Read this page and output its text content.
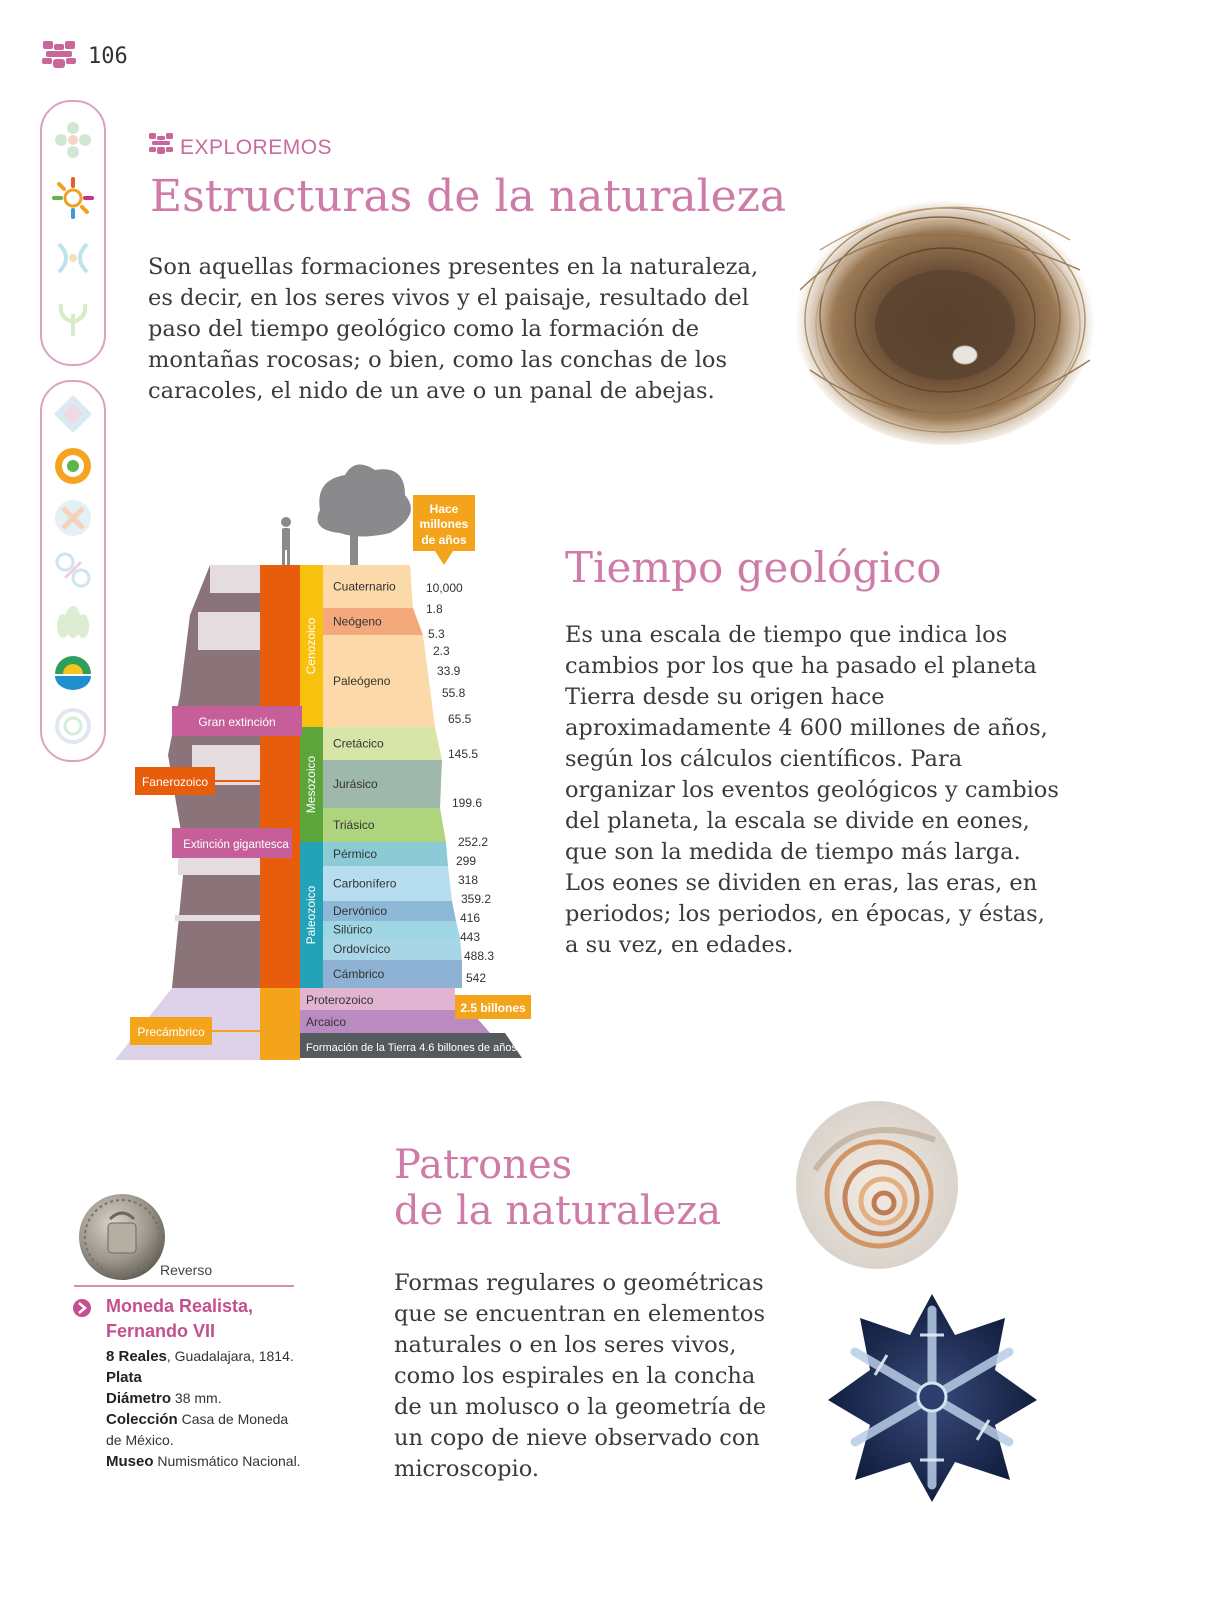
106
EXPLOREMOS
Estructuras de la naturaleza

Son aquellas formaciones presentes en la naturaleza, es decir, en los seres vivos y el paisaje, resultado del paso del tiempo geológico como la formación de montañas rocosas; o bien, como las conchas de los caracoles, el nido de un ave o un panal de abejas.

Cuaternario
Neógeno
Paleógeno
Cretácico
Jurásico
Triásico
Pérmico
Carbonífero
Dervónico
Silúrico
Ordovícico
Cámbrico
Cenozoico
Mesozoico
Paleozoico
10,000
1.8
5.3
2.3
33.9
55.8
65.5
145.5
199.6
252.2
299
318
359.2
416
443
488.3
542
Hace
millones
de años
Gran extinción
Fanerozoico
Extinción gigantesca
Precámbrico
Proterozoico
Arcaico
Formación de la Tierra 4.6 billones de años
2.5 billones
Tiempo geológico

Es una escala de tiempo que indica los cambios por los que ha pasado el planeta Tierra desde su origen hace aproximadamente 4 600 millones de años, según los cálculos científicos. Para organizar los eventos geológicos y cambios del planeta, la escala se divide en eones, que son la medida de tiempo más larga. Los eones se dividen en eras, las eras, en periodos; los periodos, en épocas, y éstas, a su vez, en edades.

Reverso
Moneda Realista, Fernando VII
8 Reales, Guadalajara, 1814.
Plata
Diámetro 38 mm.
Colección Casa de Moneda de México.
Museo Numismático Nacional.
Patrones
de la naturaleza

Formas regulares o geométricas que se encuentran en elementos naturales o en los seres vivos, como los espirales en la concha de un molusco o la geometría de un copo de nieve observado con microscopio.
